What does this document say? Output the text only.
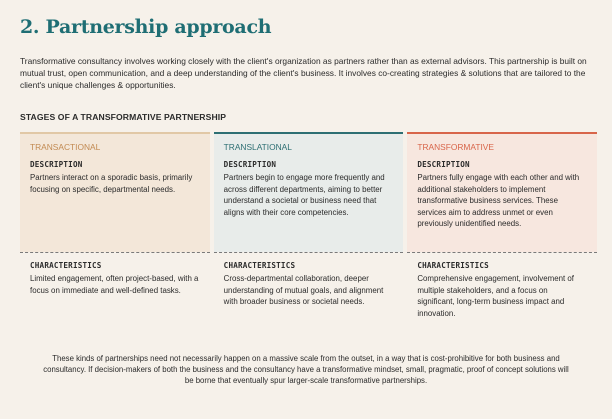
2. Partnership approach

Transformative consultancy involves working closely with the client's organization as partners rather than as external advisors. This partnership is built on mutual trust, open communication, and a deep understanding of the client's business. It involves co-creating strategies & solutions that are tailored to the client's unique challenges & opportunities.

STAGES OF A TRANSFORMATIVE PARTNERSHIP
TRANSACTIONAL
DESCRIPTION
Partners interact on a sporadic basis, primarily focusing on specific, departmental needs.
CHARACTERISTICS
Limited engagement, often project-based, with a focus on immediate and well-defined tasks.
TRANSLATIONAL
DESCRIPTION
Partners begin to engage more frequently and across different departments, aiming to better understand a societal or business need that aligns with their core competencies.
CHARACTERISTICS
Cross-departmental collaboration, deeper understanding of mutual goals, and alignment with broader business or societal needs.
TRANSFORMATIVE
DESCRIPTION
Partners fully engage with each other and with additional stakeholders to implement transformative business services. These services aim to address unmet or even previously unidentified needs.
CHARACTERISTICS
Comprehensive engagement, involvement of multiple stakeholders, and a focus on significant, long-term business impact and innovation.

These kinds of partnerships need not necessarily happen on a massive scale from the outset, in a way that is cost-prohibitive for both business and consultancy. If decision-makers of both the business and the consultancy have a transformative mindset, small, pragmatic, proof of concept solutions will be borne that eventually spur larger-scale transformative partnerships.
